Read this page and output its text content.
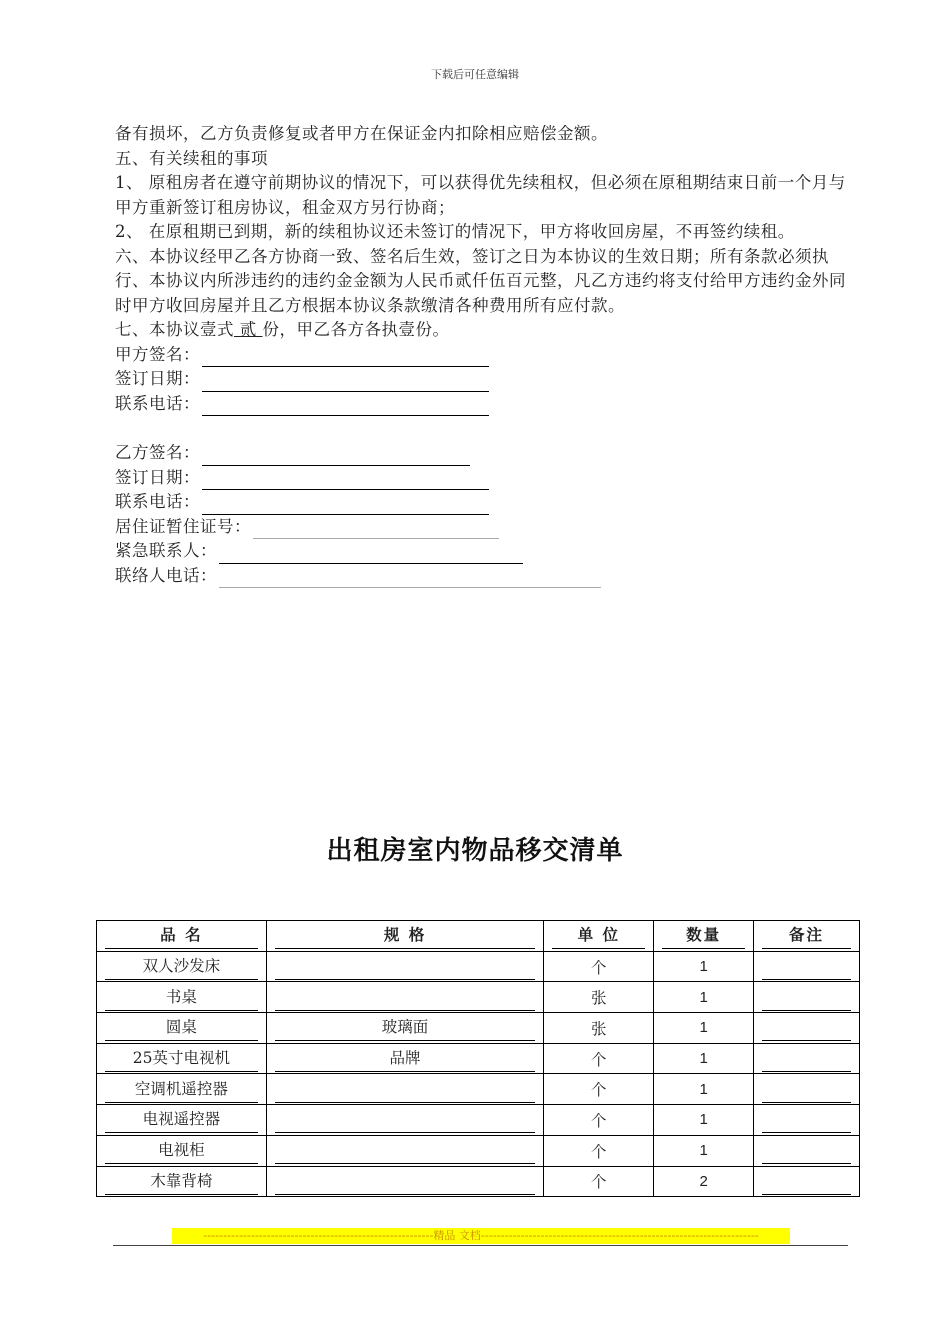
下载后可任意编辑

备有损坏，乙方负责修复或者甲方在保证金内扣除相应赔偿金额。

五、有关续租的事项

1、 原租房者在遵守前期协议的情况下，可以获得优先续租权，但必须在原租期结束日前一个月与甲方重新签订租房协议，租金双方另行协商；

2、 在原租期已到期，新的续租协议还未签订的情况下，甲方将收回房屋，不再签约续租。

六、本协议经甲乙各方协商一致、签名后生效，签订之日为本协议的生效日期；所有条款必须执行、本协议内所涉违约的违约金金额为人民币贰仟伍百元整，凡乙方违约将支付给甲方违约金外同时甲方收回房屋并且乙方根据本协议条款缴清各种费用所有应付款。

七、本协议壹式 贰 份，甲乙各方各执壹份。

甲方签名：
签订日期：
联系电话：
乙方签名：
签订日期：
联系电话：
居住证暂住证号：
紧急联系人：
联络人电话：
出租房室内物品移交清单
品 名	规 格	单 位	数量	备注

双人沙发床		个	1	

书桌		张	1	

圆桌	玻璃面	张	1	

25英寸电视机	品牌	个	1	

空调机遥控器		个	1	

电视遥控器		个	1	

电视柜		个	1	

木靠背椅		个	2	

----------------------------------------------------------精品 文档----------------------------------------------------------------------
